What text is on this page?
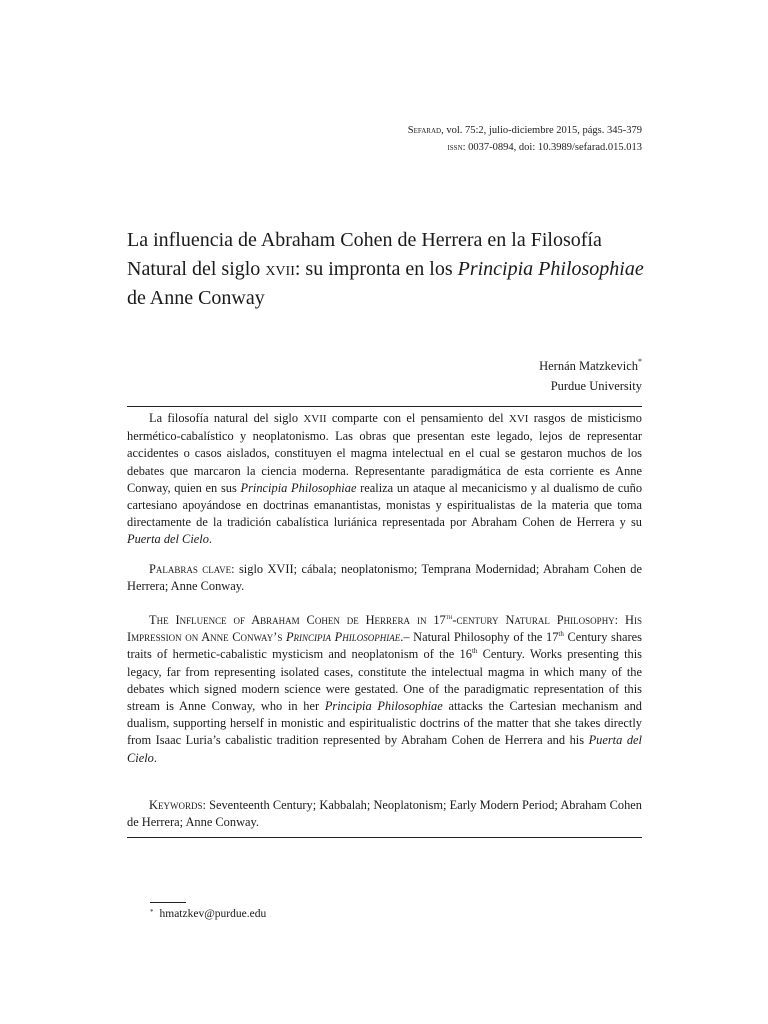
Sefarad, vol. 75:2, julio-diciembre 2015, págs. 345-379
issn: 0037-0894, doi: 10.3989/sefarad.015.013
La influencia de Abraham Cohen de Herrera en la Filosofía Natural del siglo xvii: su impronta en los Principia Philosophiae de Anne Conway
Hernán Matzkevich*
Purdue University

La filosofía natural del siglo XVII comparte con el pensamiento del XVI rasgos de misticismo hermético-cabalístico y neoplatonismo. Las obras que presentan este legado, lejos de representar accidentes o casos aislados, constituyen el magma intelectual en el cual se gestaron muchos de los debates que marcaron la ciencia moderna. Representante paradigmática de esta corriente es Anne Conway, quien en sus Principia Philosophiae realiza un ataque al mecanicismo y al dualismo de cuño cartesiano apoyándose en doctrinas emanantistas, monistas y espiritualistas de la materia que toma directamente de la tradición cabalística luriánica representada por Abraham Cohen de Herrera y su Puerta del Cielo.

Palabras clave: siglo XVII; cábala; neoplatonismo; Temprana Modernidad; Abraham Cohen de Herrera; Anne Conway.

The Influence of Abraham Cohen de Herrera in 17th-century Natural Philosophy: His Impression on Anne Conway’s Principia Philosophiae.– Natural Philosophy of the 17th Century shares traits of hermetic-cabalistic mysticism and neoplatonism of the 16th Century. Works presenting this legacy, far from representing isolated cases, constitute the intelectual magma in which many of the debates which signed modern science were gestated. One of the paradigmatic representation of this stream is Anne Conway, who in her Principia Philosophiae attacks the Cartesian mechanism and dualism, supporting herself in monistic and espiritualistic doctrins of the matter that she takes directly from Isaac Luria’s cabalistic tradition represented by Abraham Cohen de Herrera and his Puerta del Cielo.

Keywords: Seventeenth Century; Kabbalah; Neoplatonism; Early Modern Period; Abraham Cohen de Herrera; Anne Conway.

* hmatzkev@purdue.edu
